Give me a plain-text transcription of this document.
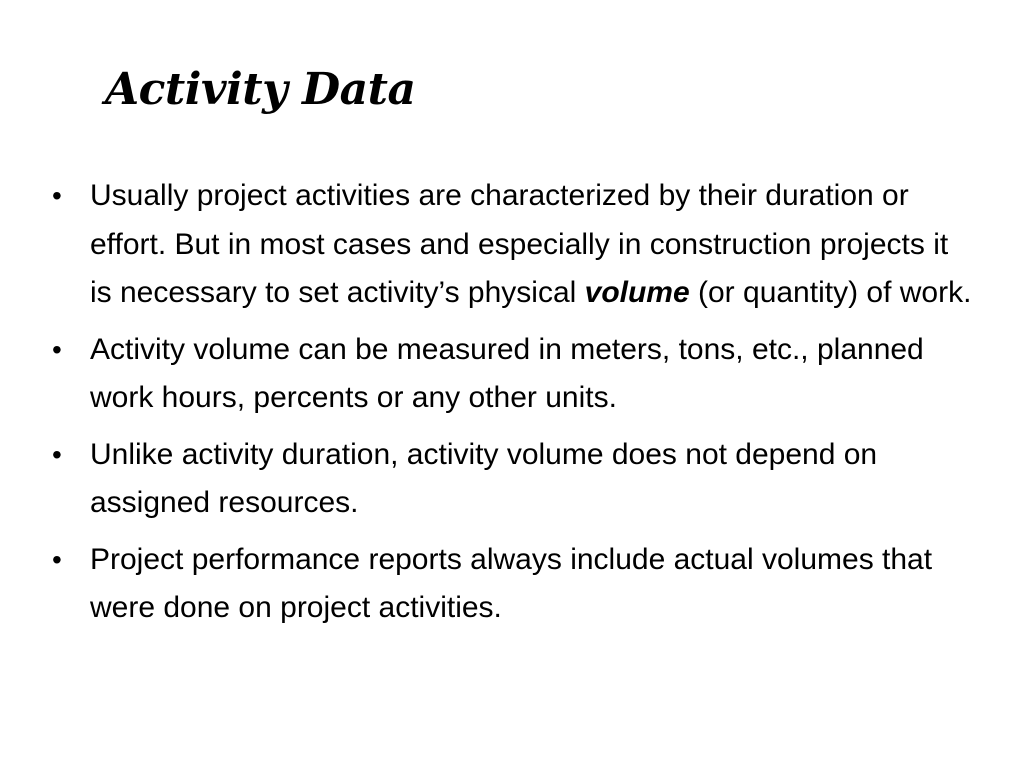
Activity Data
• Usually project activities are characterized by their duration or effort. But in most cases and especially in construction projects it is necessary to set activity’s physical volume (or quantity) of work.
• Activity volume can be measured in meters, tons, etc., planned work hours, percents or any other units.
• Unlike activity duration, activity volume does not depend on assigned resources.
• Project performance reports always include actual volumes that were done on project activities.
